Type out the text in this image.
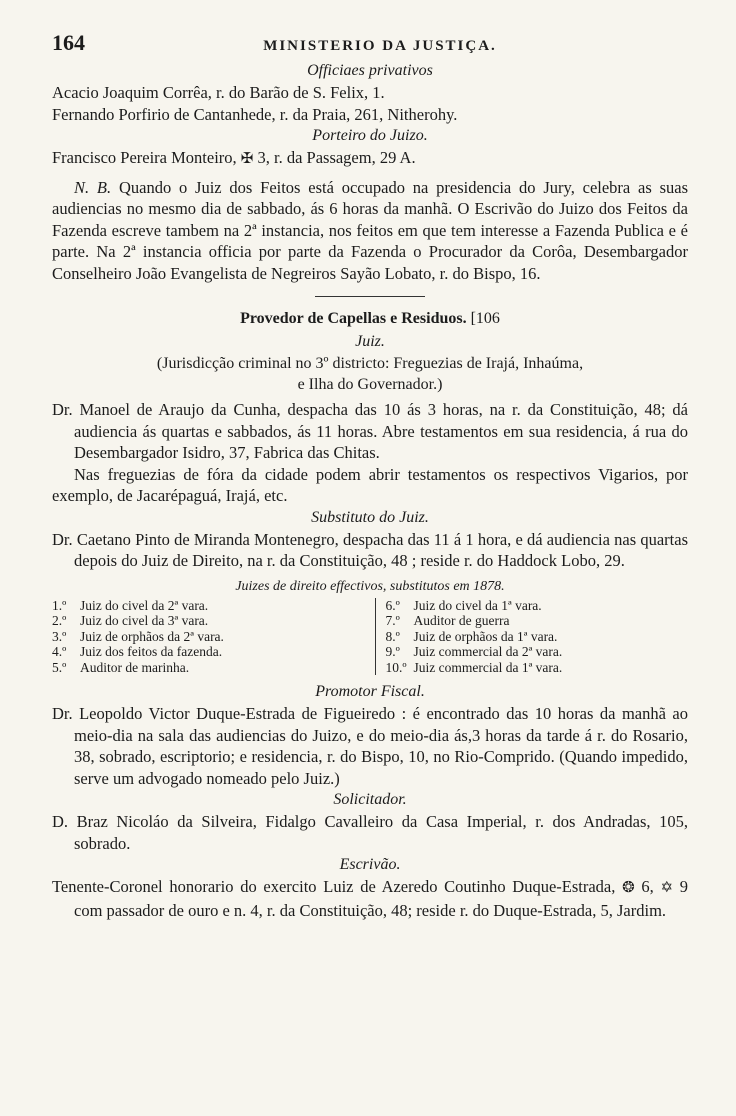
164	MINISTERIO DA JUSTIÇA.

Officiaes privativos

Acacio Joaquim Corrêa, r. do Barão de S. Felix, 1.

Fernando Porfirio de Cantanhede, r. da Praia, 261, Nitherohy.

Porteiro do Juizo.

Francisco Pereira Monteiro, ✠ 3, r. da Passagem, 29 A.

N. B. Quando o Juiz dos Feitos está occupado na presidencia do Jury, celebra as suas audiencias no mesmo dia de sabbado, ás 6 horas da manhã. O Escrivão do Juizo dos Feitos da Fazenda escreve tambem na 2ª instancia, nos feitos em que tem interesse a Fazenda Publica e é parte. Na 2ª instancia officia por parte da Fazenda o Procurador da Corôa, Desembargador Conselheiro João Evangelista de Negreiros Sayão Lobato, r. do Bispo, 16.

Provedor de Capellas e Residuos. [106

Juiz.

(Jurisdicção criminal no 3º districto: Freguezias de Irajá, Inhaúma,

e Ilha do Governador.)

Dr. Manoel de Araujo da Cunha, despacha das 10 ás 3 horas, na r. da Constituição, 48; dá audiencia ás quartas e sabbados, ás 11 horas. Abre testamentos em sua residencia, á rua do Desembargador Isidro, 37, Fabrica das Chitas.

Nas freguezias de fóra da cidade podem abrir testamentos os respectivos Vigarios, por exemplo, de Jacarépaguá, Irajá, etc.

Substituto do Juiz.

Dr. Caetano Pinto de Miranda Montenegro, despacha das 11 á 1 hora, e dá audiencia nas quartas depois do Juiz de Direito, na r. da Constituição, 48 ; reside r. do Haddock Lobo, 29.

Juizes de direito effectivos, substitutos em 1878.

1.º	Juiz do civel da 2ª vara.
2.º	Juiz do civel da 3ª vara.
3.º	Juiz de orphãos da 2ª vara.
4.º	Juiz dos feitos da fazenda.
5.º	Auditor de marinha.
6.º	Juiz do civel da 1ª vara.
7.º	Auditor de guerra
8.º	Juiz de orphãos da 1ª vara.
9.º	Juiz commercial da 2ª vara.
10.º Juiz commercial da 1ª vara.

Promotor Fiscal.

Dr. Leopoldo Victor Duque-Estrada de Figueiredo : é encontrado das 10 horas da manhã ao meio-dia na sala das audiencias do Juizo, e do meio-dia ás,3 horas da tarde á r. do Rosario, 38, sobrado, escriptorio; e residencia, r. do Bispo, 10, no Rio-Comprido. (Quando impedido, serve um advogado nomeado pelo Juiz.)

Solicitador.

D. Braz Nicoláo da Silveira, Fidalgo Cavalleiro da Casa Imperial, r. dos Andradas, 105, sobrado.

Escrivão.

Tenente-Coronel honorario do exercito Luiz de Azeredo Coutinho Duque-Estrada, ❂ 6, ✡ 9 com passador de ouro e n. 4, r. da Constituição, 48; reside r. do Duque-Estrada, 5, Jardim.
